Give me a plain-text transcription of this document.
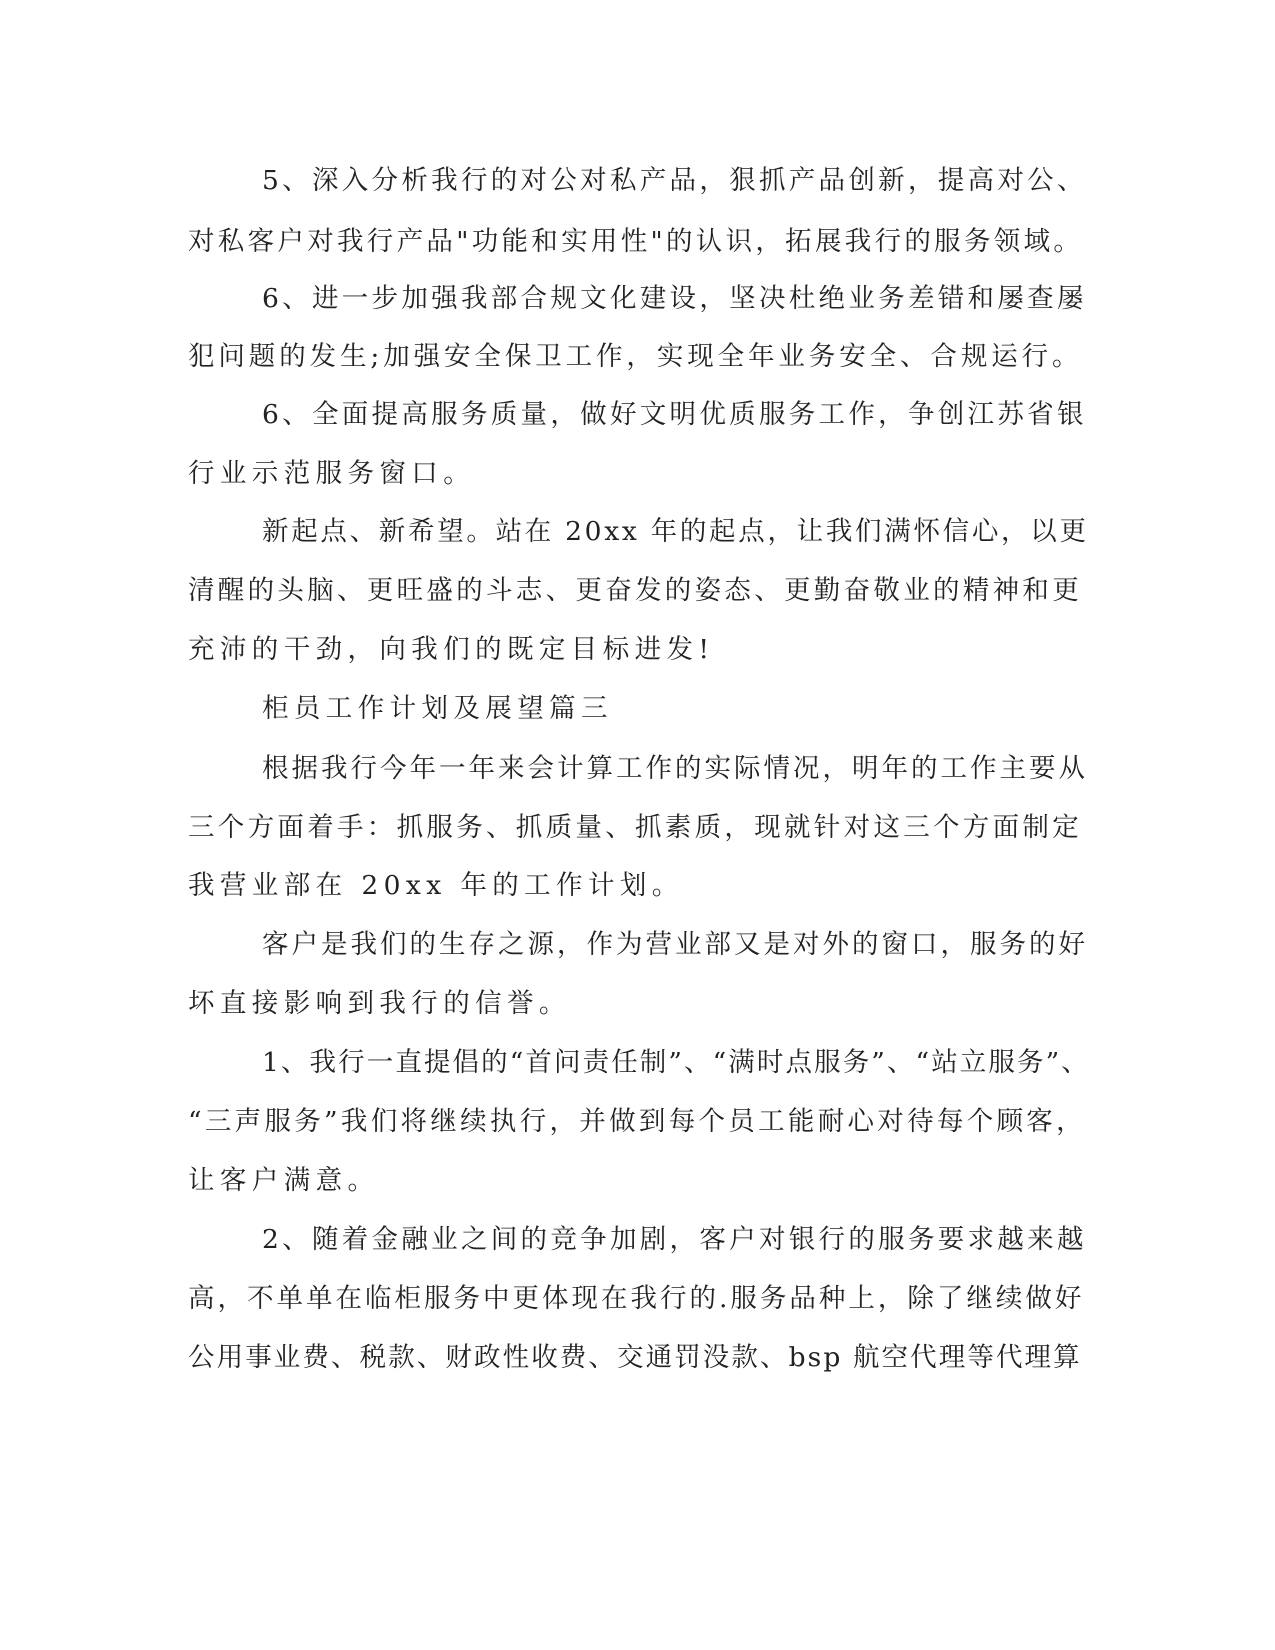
5、深入分析我行的对公对私产品，狠抓产品创新，提高对公、

对私客户对我行产品"功能和实用性"的认识，拓展我行的服务领域。

6、进一步加强我部合规文化建设，坚决杜绝业务差错和屡查屡

犯问题的发生;加强安全保卫工作，实现全年业务安全、合规运行。

6、全面提高服务质量，做好文明优质服务工作，争创江苏省银

行业示范服务窗口。

新起点、新希望。站在 20xx 年的起点，让我们满怀信心，以更

清醒的头脑、更旺盛的斗志、更奋发的姿态、更勤奋敬业的精神和更

充沛的干劲，向我们的既定目标进发!

柜员工作计划及展望篇三

根据我行今年一年来会计算工作的实际情况，明年的工作主要从

三个方面着手：抓服务、抓质量、抓素质，现就针对这三个方面制定

我营业部在 20xx 年的工作计划。

客户是我们的生存之源，作为营业部又是对外的窗口，服务的好

坏直接影响到我行的信誉。

1、我行一直提倡的“首问责任制”、“满时点服务”、“站立服务”、

“三声服务”我们将继续执行，并做到每个员工能耐心对待每个顾客，

让客户满意。

2、随着金融业之间的竞争加剧，客户对银行的服务要求越来越

高，不单单在临柜服务中更体现在我行的.服务品种上，除了继续做好

公用事业费、税款、财政性收费、交通罚没款、bsp 航空代理等代理算
